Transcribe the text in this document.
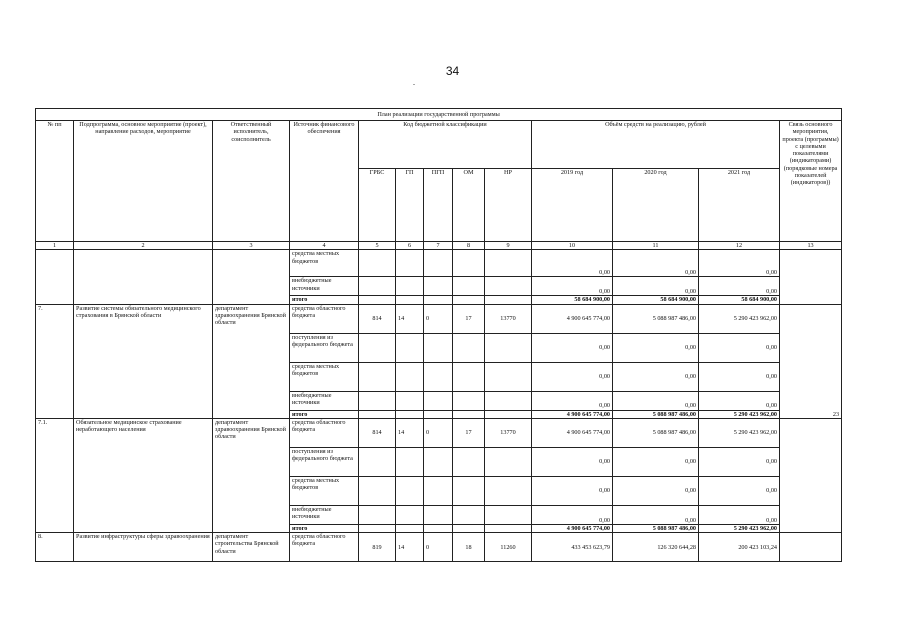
34
.
План реализации государственной программы												
№ пп	Подпрограмма, основное мероприятие (проект), направление расходов, мероприятие	Ответственный исполнитель, соисполнитель	Источник финансового обеспечения	Код бюджетной классификации					Объём средств на реализацию, рублей			Связь основного мероприятия, проекта (программы) с целевыми показателями (индикаторами) (порядковые номера показателей (индикаторов))
				ГРБС	ГП	ПГП	ОМ	НР	2019 год	2020 год	2021 год	
1	2	3	4	5	6	7	8	9	10	11	12	13
			средства местных бюджетов						0,00	0,00	0,00	
			внебюджетные источники						0,00	0,00	0,00	
			итого						58 684 900,00	58 684 900,00	58 684 900,00	
7.	Развитие системы обязательного медицинского страхования в Брянской области	департамент здравоохранения Брянской области	средства областного бюджета	814	14	0	17	13770	4 900 645 774,00	5 088 987 486,00	5 290 423 962,00	23
			поступления из федерального бюджета						0,00	0,00	0,00	
			средства местных бюджетов						0,00	0,00	0,00	
			внебюджетные источники						0,00	0,00	0,00	
			итого						4 900 645 774,00	5 088 987 486,00	5 290 423 962,00	
7.1.	Обязательное медицинское страхование неработающего населения	департамент здравоохранения Брянской области	средства областного бюджета	814	14	0	17	13770	4 900 645 774,00	5 088 987 486,00	5 290 423 962,00	
			поступления из федерального бюджета						0,00	0,00	0,00	
			средства местных бюджетов						0,00	0,00	0,00	
			внебюджетные источники						0,00	0,00	0,00	
			итого						4 900 645 774,00	5 088 987 486,00	5 290 423 962,00	
8.	Развитие инфраструктуры сферы здравоохранения	департамент строительства Брянской области	средства областного бюджета	819	14	0	18	11260	433 453 623,79	126 320 644,28	200 423 103,24	
